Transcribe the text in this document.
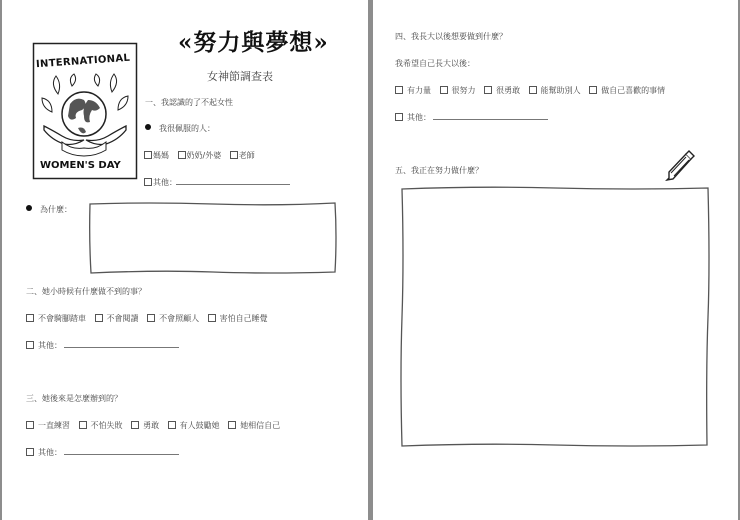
INTERNATIONAL
WOMEN'S DAY
«努力與夢想»
女神節調查表
一、我認識的了不起女性
我很佩服的人：
媽媽 奶奶/外婆 老師
其他：
為什麼：
二、她小時候有什麼做不到的事？
不會騎腳踏車	不會閱讀	不會照顧人	害怕自己睡覺
其他：
三、她後來是怎麼辦到的？
一直練習	不怕失敗	勇敢	有人鼓勵她	她相信自己
其他：
四、我長大以後想要做到什麼？
我希望自己長大以後：
有力量	很努力	很勇敢	能幫助別人	做自己喜歡的事情
其他：
五、我正在努力做什麼？
